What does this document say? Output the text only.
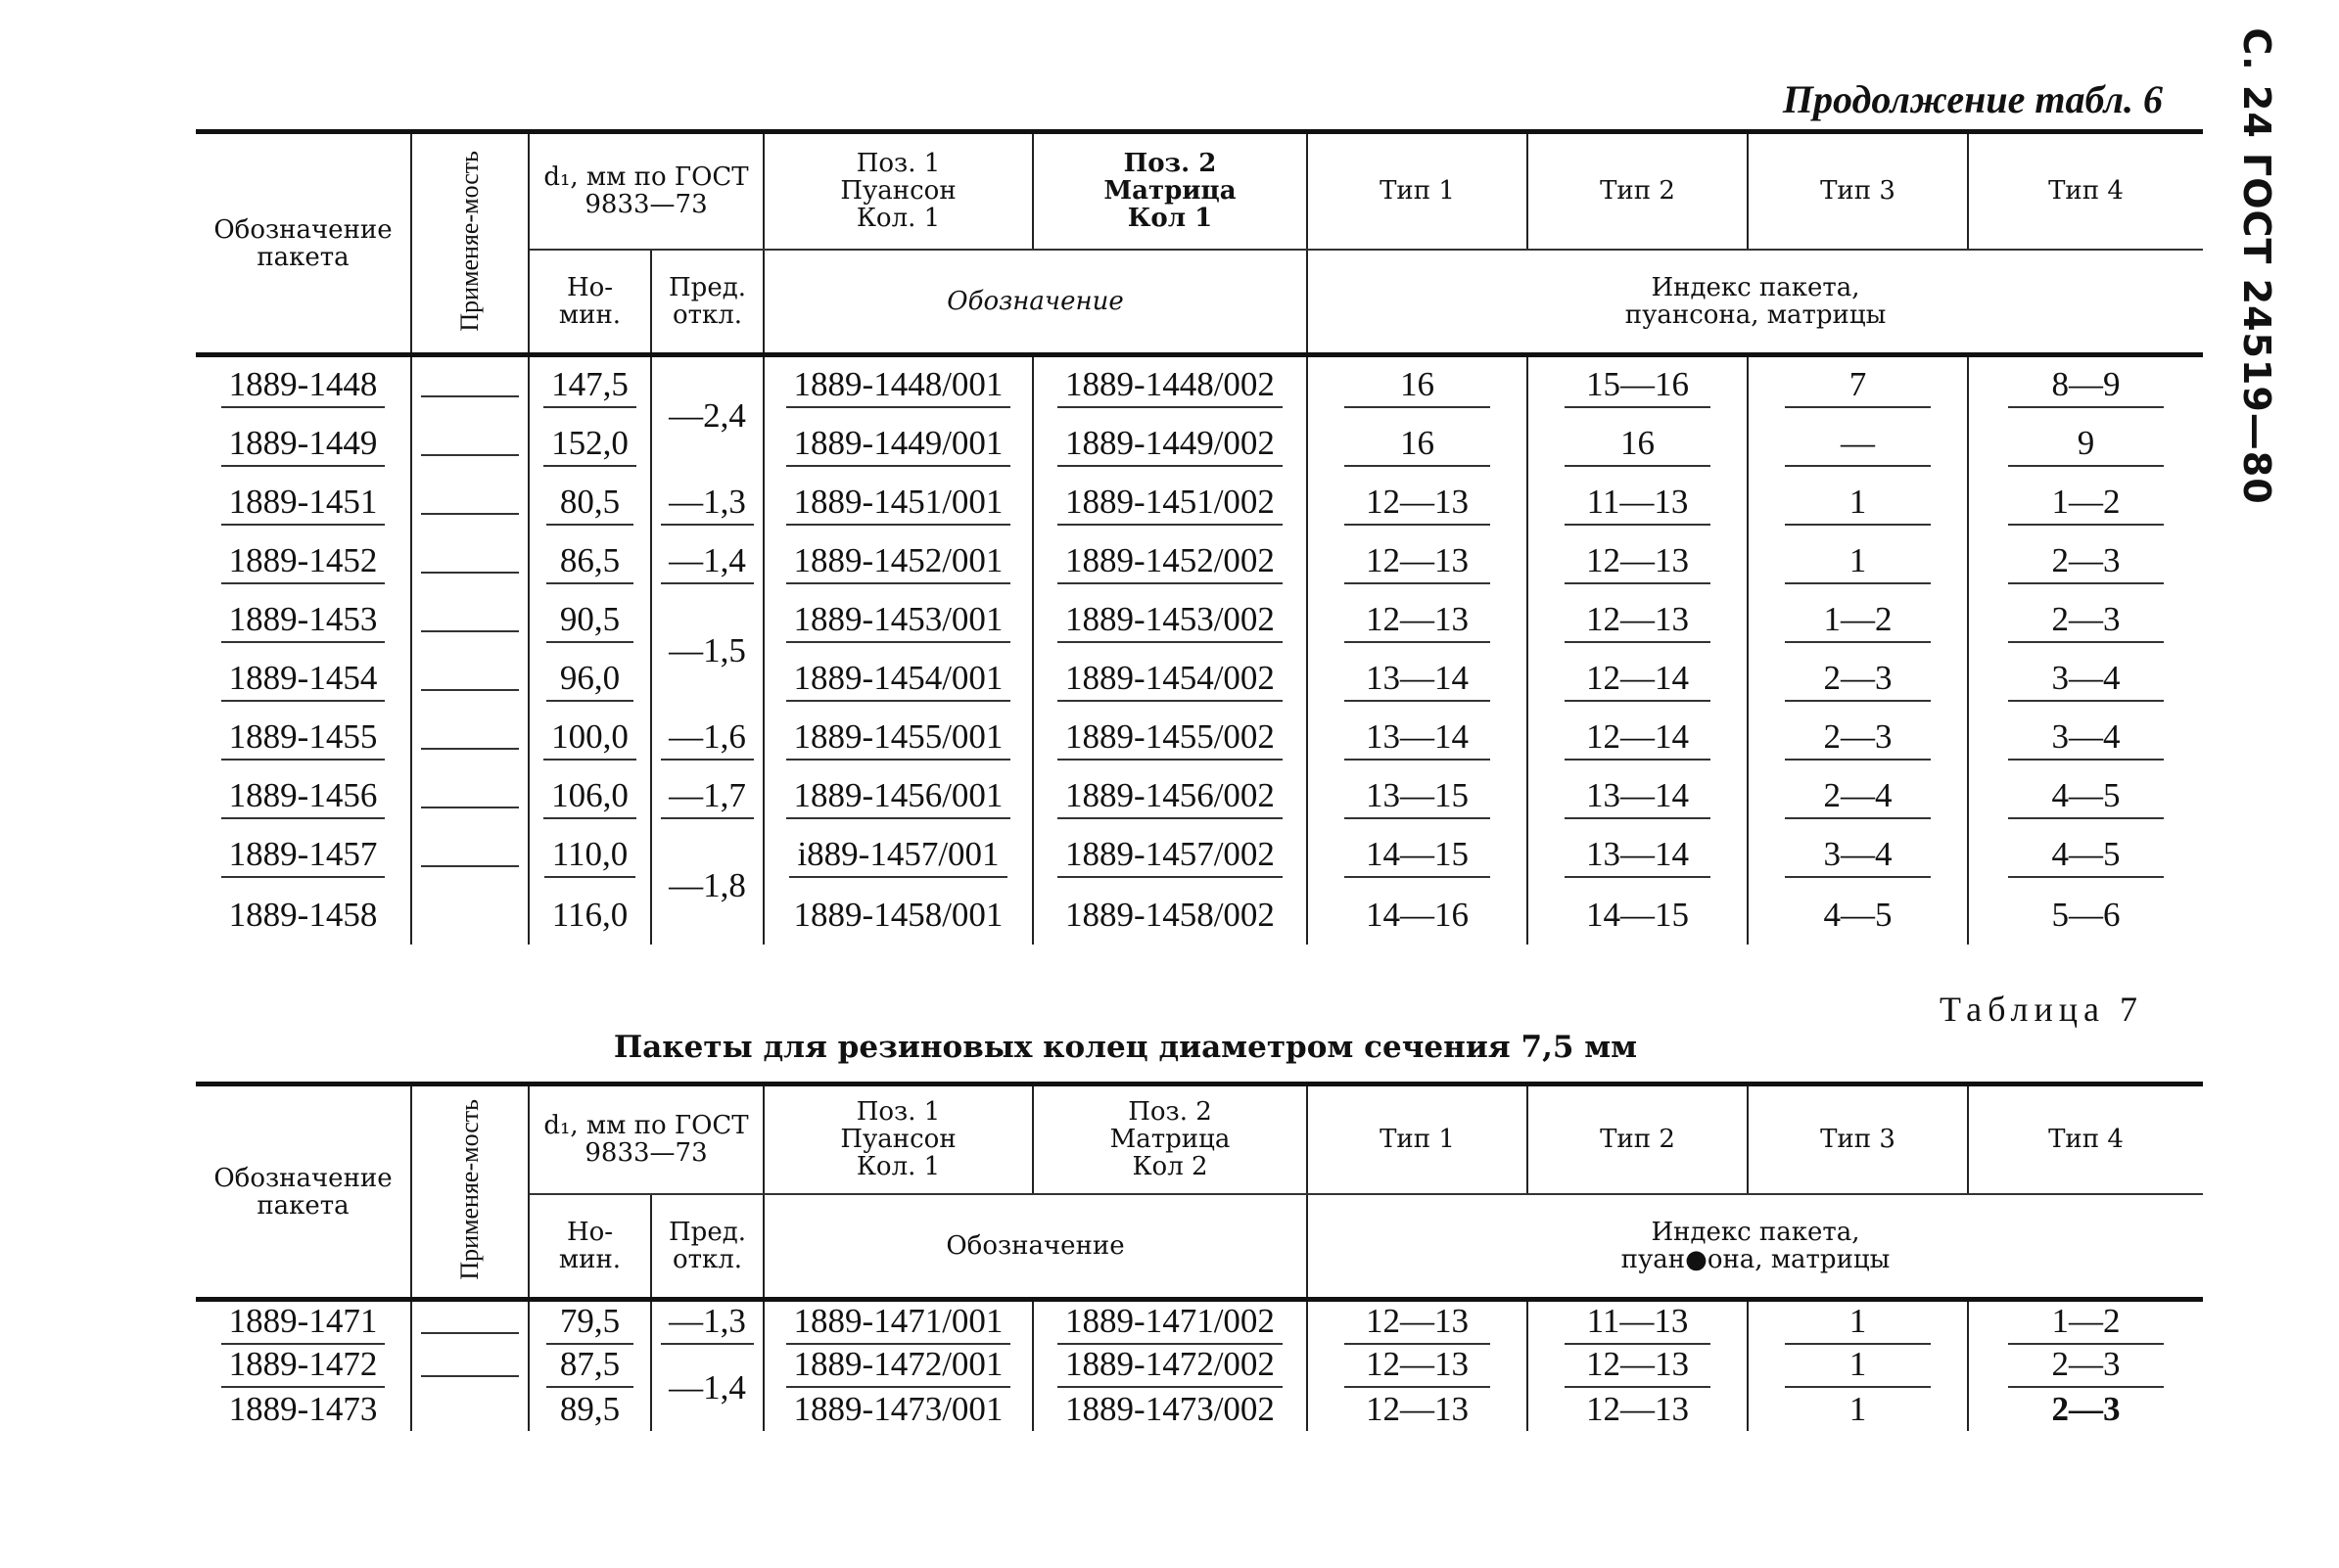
С. 24 ГОСТ 24519—80
Продолжение табл. 6
Обозначение пакета	Применяе-мость	d₁, мм по ГОСТ 9833—73		Поз. 1 Пуансон Кол. 1	Поз. 2 Матрица Кол 1	Тип 1	Тип 2	Тип 3	Тип 4
		Но-мин.	Пред. откл.	Обозначение		Индекс пакета, пуансона, матрицы			
1889-1448		147,5	—2,4	1889-1448/001	1889-1448/002	16	15—16	7	8—9
1889-1449		152,0		1889-1449/001	1889-1449/002	16	16	—	9
1889-1451		80,5	—1,3	1889-1451/001	1889-1451/002	12—13	11—13	1	1—2
1889-1452		86,5	—1,4	1889-1452/001	1889-1452/002	12—13	12—13	1	2—3
1889-1453		90,5	—1,5	1889-1453/001	1889-1453/002	12—13	12—13	1—2	2—3
1889-1454		96,0		1889-1454/001	1889-1454/002	13—14	12—14	2—3	3—4
1889-1455		100,0	—1,6	1889-1455/001	1889-1455/002	13—14	12—14	2—3	3—4
1889-1456		106,0	—1,7	1889-1456/001	1889-1456/002	13—15	13—14	2—4	4—5
1889-1457		110,0	—1,8	i889-1457/001	1889-1457/002	14—15	13—14	3—4	4—5
1889-1458		116,0		1889-1458/001	1889-1458/002	14—16	14—15	4—5	5—6
Таблица 7
Пакеты для резиновых колец диаметром сечения 7,5 мм
Обозначение пакета	Применяе-мость	d₁, мм по ГОСТ 9833—73		Поз. 1 Пуансон Кол. 1	Поз. 2 Матрица Кол 2	Тип 1	Тип 2	Тип 3	Тип 4
		Но-мин.	Пред. откл.	Обозначение		Индекс пакета, пуан●она, матрицы			
1889-1471		79,5	—1,3	1889-1471/001	1889-1471/002	12—13	11—13	1	1—2
1889-1472		87,5	—1,4	1889-1472/001	1889-1472/002	12—13	12—13	1	2—3
1889-1473		89,5		1889-1473/001	1889-1473/002	12—13	12—13	1	2—3
